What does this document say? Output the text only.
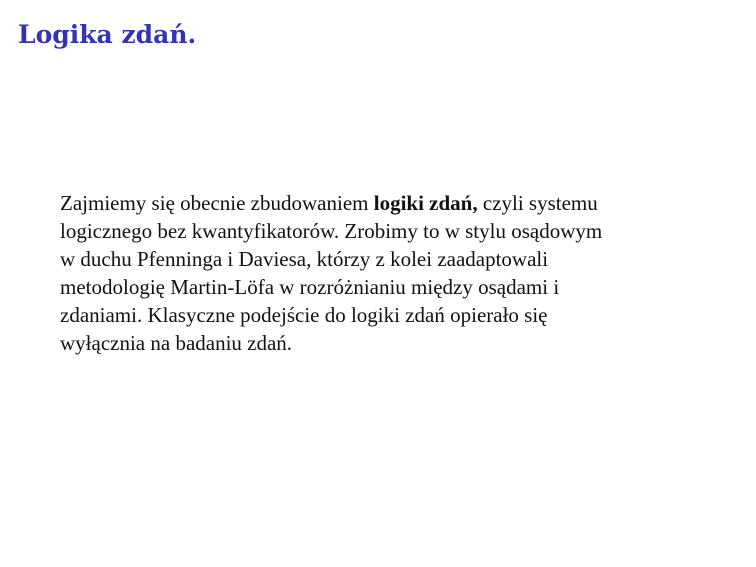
Logika zdań.
Zajmiemy się obecnie zbudowaniem logiki zdań, czyli systemu
logicznego bez kwantyfikatorów. Zrobimy to w stylu osądowym
w duchu Pfenninga i Daviesa, którzy z kolei zaadaptowali
metodologię Martin-Löfa w rozróżnianiu między osądami i
zdaniami. Klasyczne podejście do logiki zdań opierało się
wyłącznia na badaniu zdań.
